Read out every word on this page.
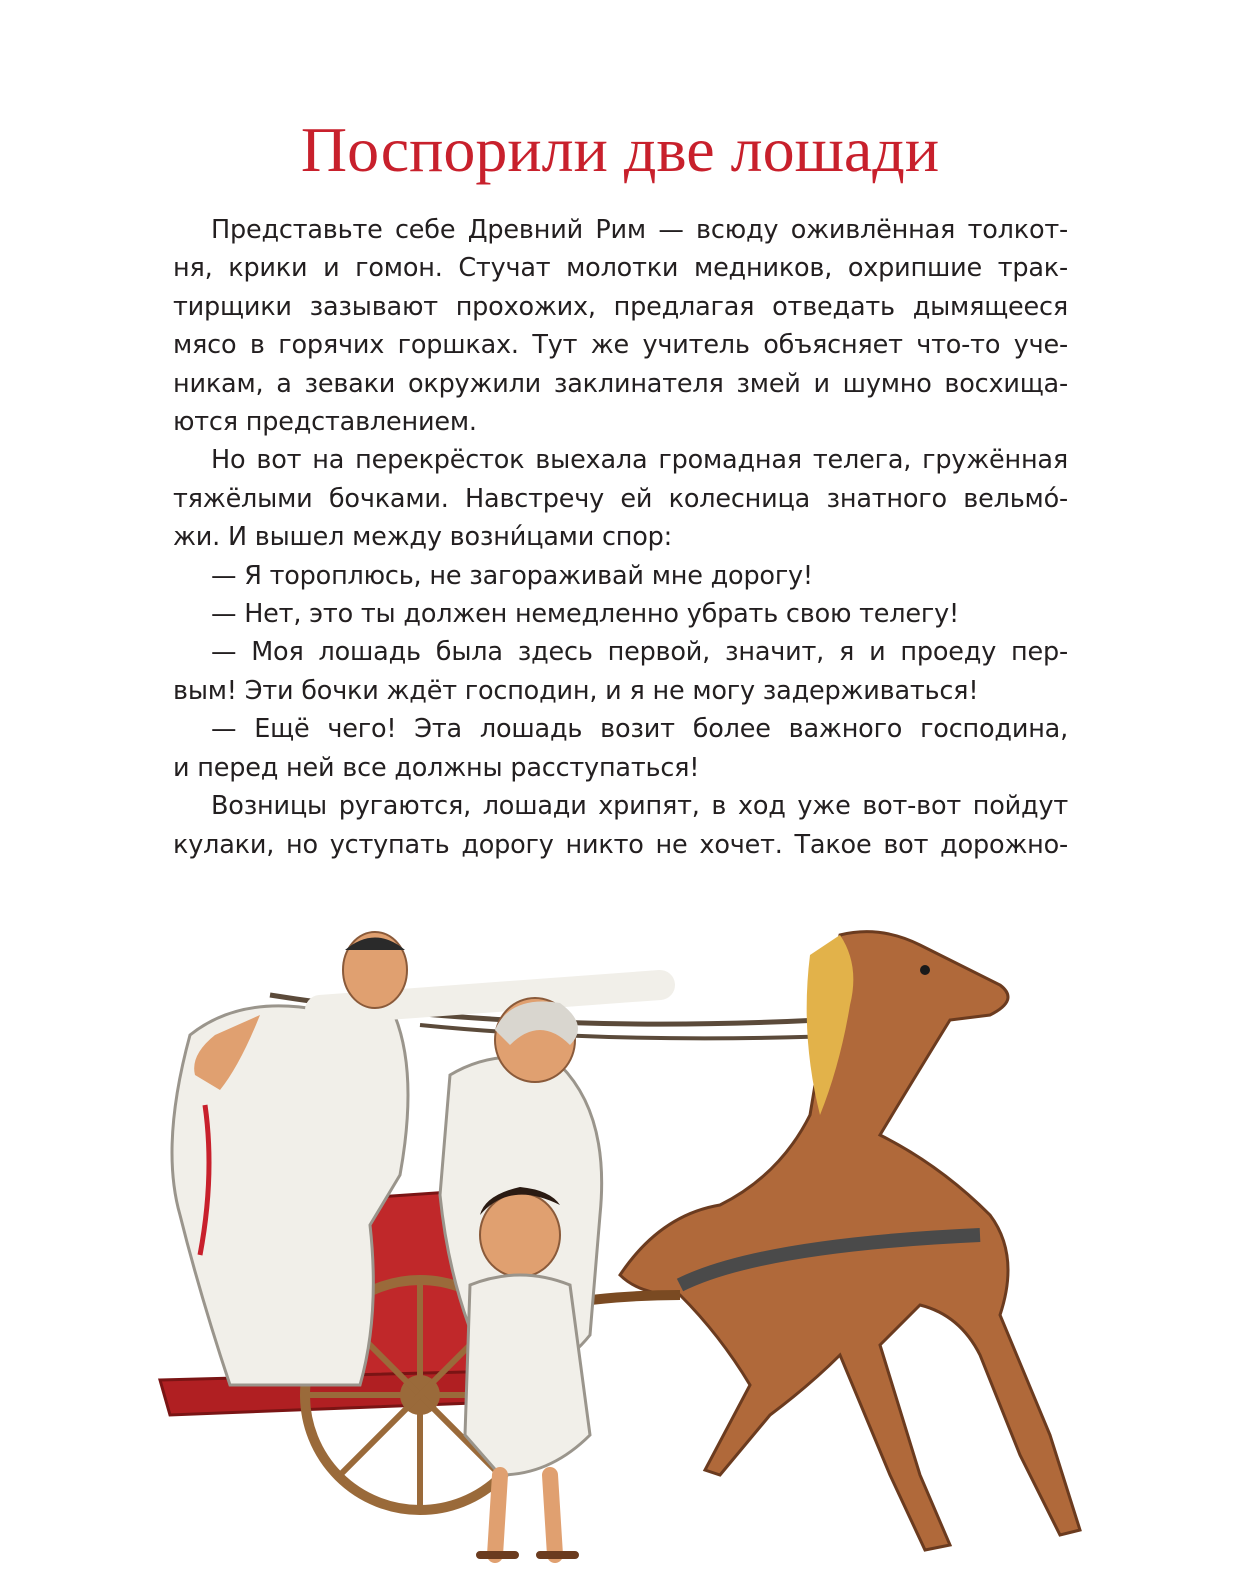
Поспорили две лошади
Представьте себе Древний Рим — всюду оживлённая толкот-
ня, крики и гомон. Стучат молотки медников, охрипшие трак-
тирщики зазывают прохожих, предлагая отведать дымящееся
мясо в горячих горшках. Тут же учитель объясняет что-то уче-
никам, а зеваки окружили заклинателя змей и шумно восхища-
ются представлением.
Но вот на перекрёсток выехала громадная телега, гружённая
тяжёлыми бочками. Навстречу ей колесница знатного вельмо́-
жи. И вышел между возни́цами спор:
— Я тороплюсь, не загораживай мне дорогу!
— Нет, это ты должен немедленно убрать свою телегу!
— Моя лошадь была здесь первой, значит, я и проеду пер-
вым! Эти бочки ждёт господин, и я не могу задерживаться!
— Ещё чего! Эта лошадь возит более важного господина,
и перед ней все должны расступаться!
Возницы ругаются, лошади хрипят, в ход уже вот-вот пойдут
кулаки, но уступать дорогу никто не хочет. Такое вот дорожно-
